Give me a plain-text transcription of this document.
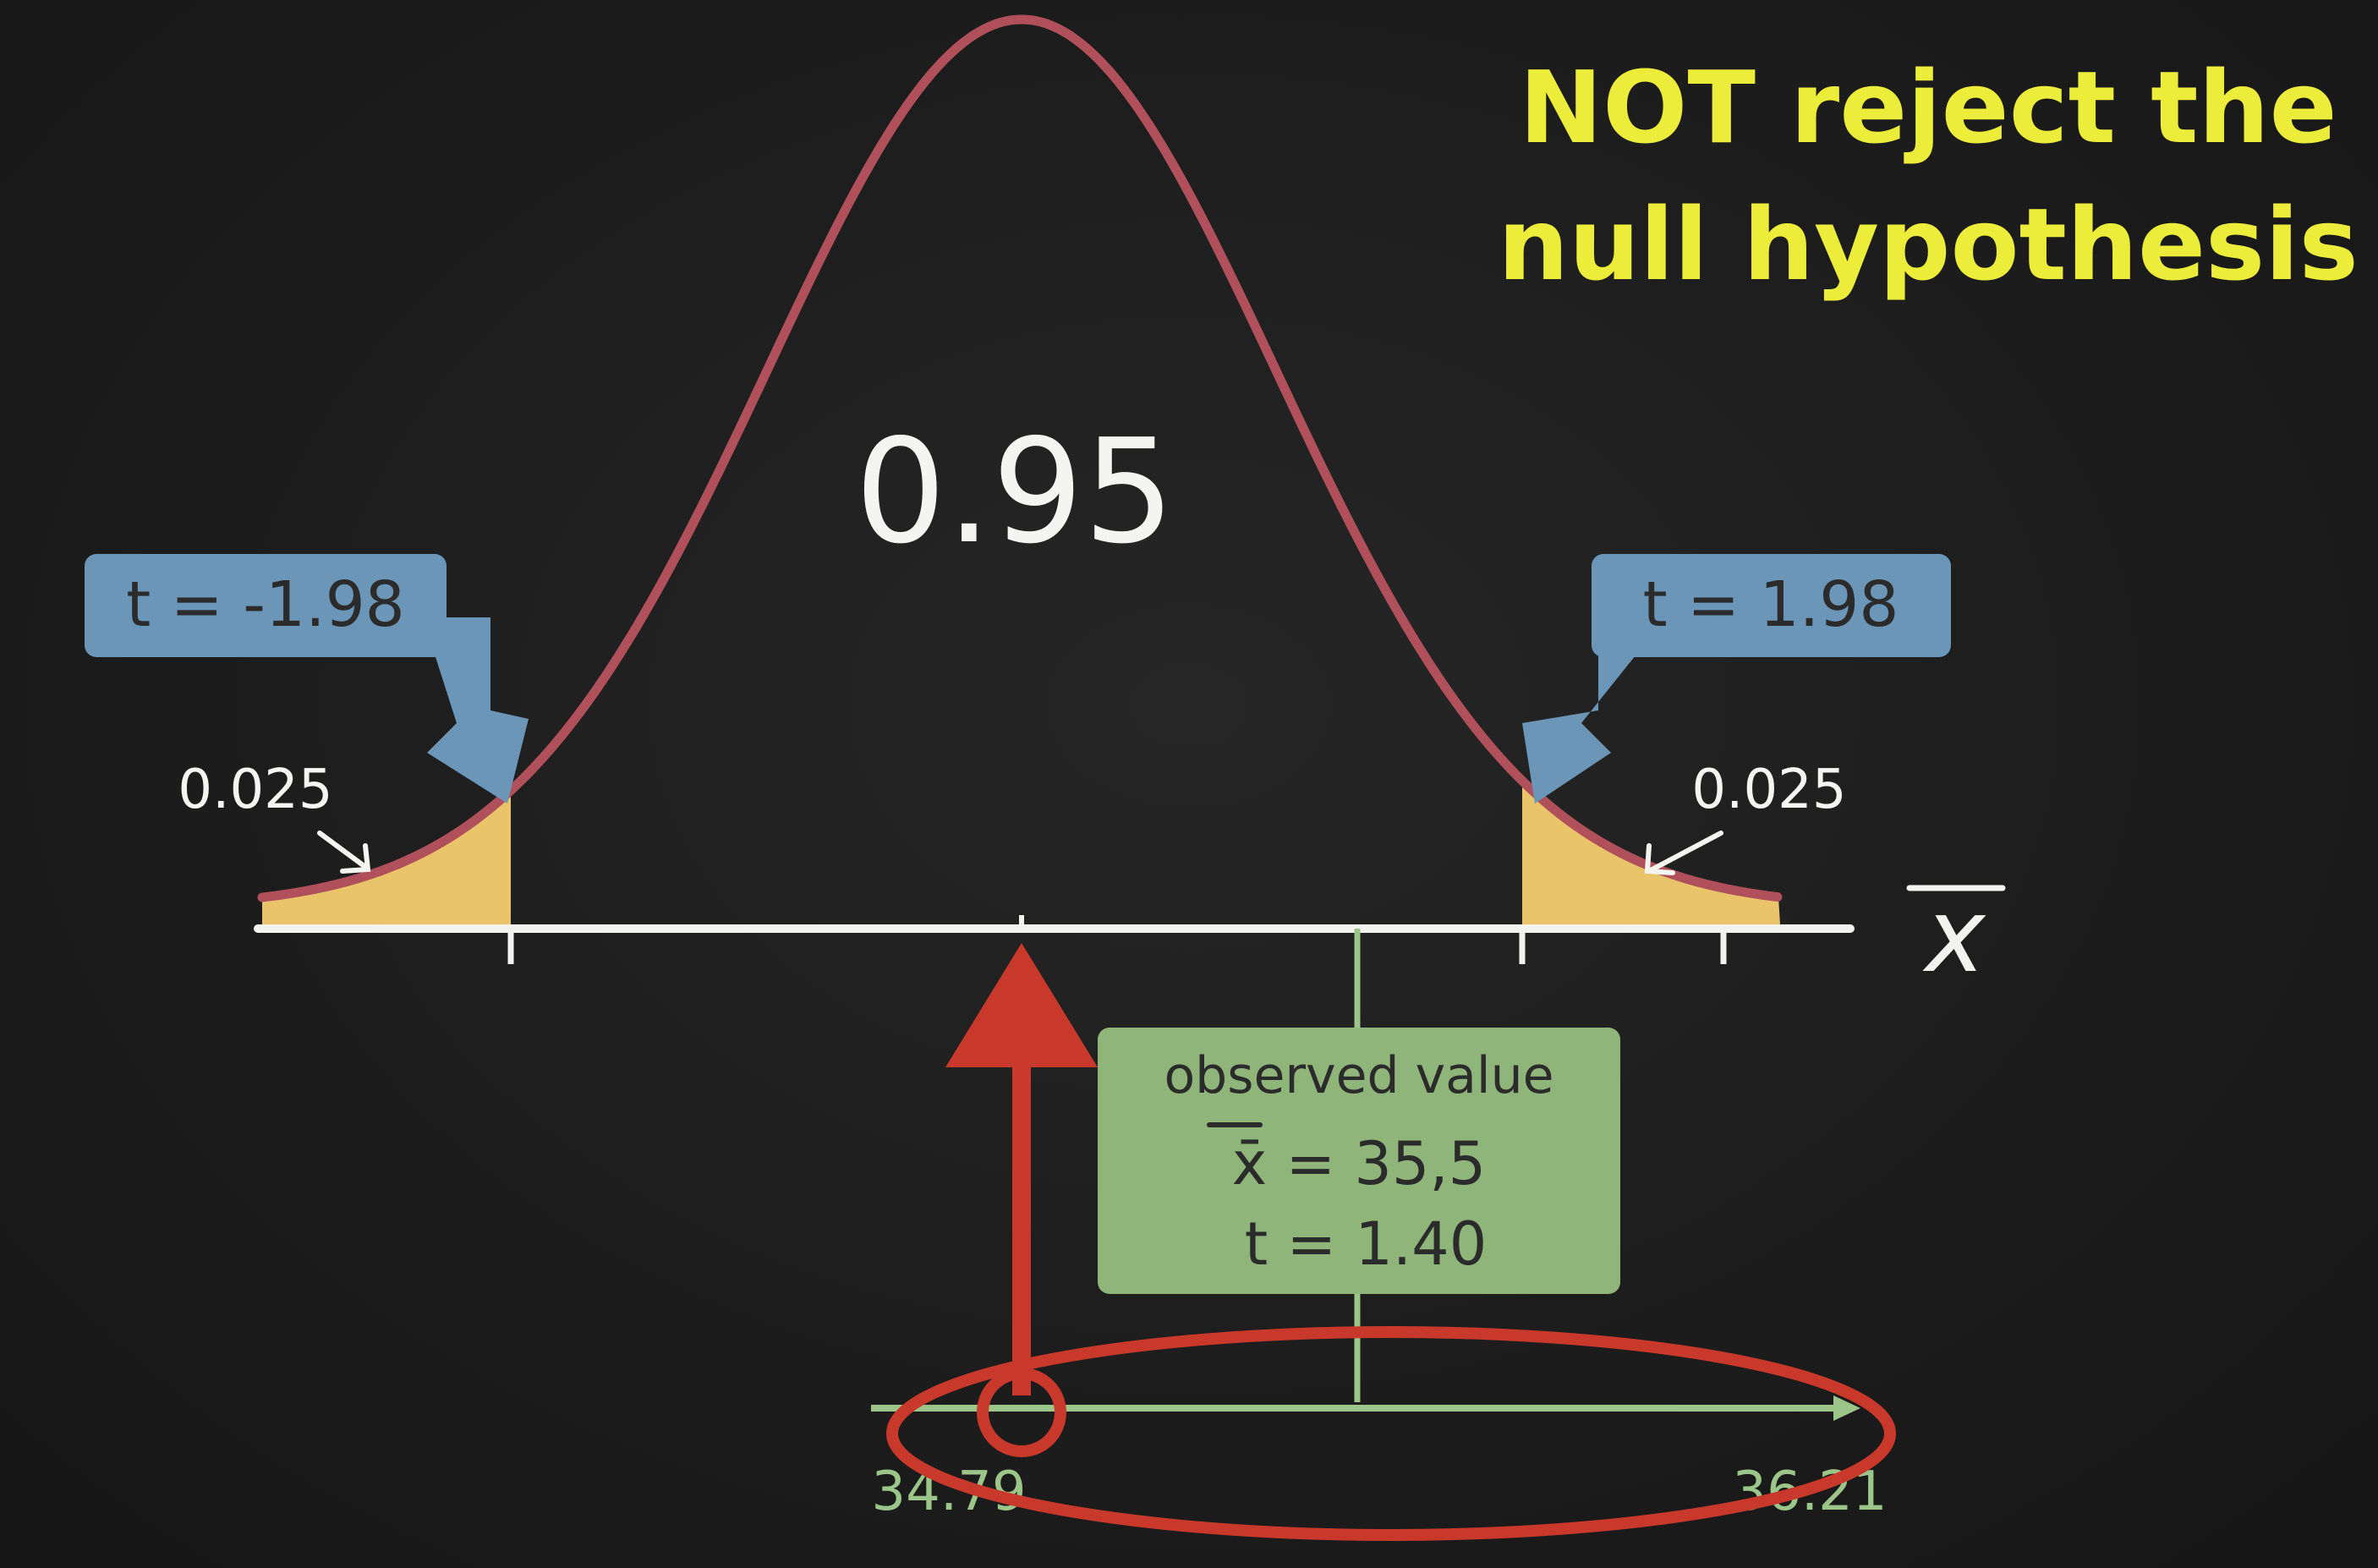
x
34.79	36.21
observed value
x̄ = 35,5
t = 1.40
t = -1.98	t = 1.98
0.025	0.025
0.95
NOT reject the
null hypothesis
